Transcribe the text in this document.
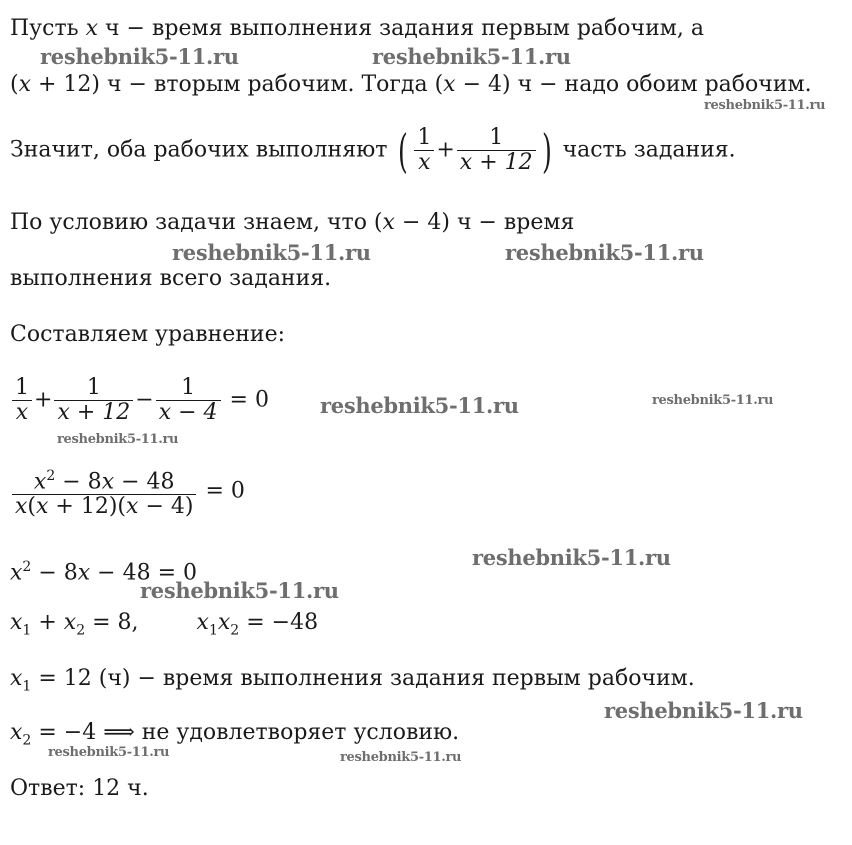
Пусть x ч − время выполнения задания первым рабочим, а
(x + 12) ч − вторым рабочим. Тогда (x − 4) ч − надо обоим рабочим.
Значит, оба рабочих выполняют ( $\frac{1}{x} + \frac{1}{x + 12}$ ) часть задания.
По условию задачи знаем, что (x − 4) ч − время
выполнения всего задания.
Составляем уравнение:
$\frac{1}{x} + \frac{1}{x + 12} - \frac{1}{x - 4} = 0$
$\frac{x^2 - 8x - 48}{x(x + 12)(x - 4)} = 0$
$x^2 - 8x - 48 = 0$
$x_1 + x_2 = 8$,	$x_1x_2 = -48$
$x_1 = 12$ (ч) − время выполнения задания первым рабочим.
$x_2 = -4$ ⟹ не удовлетворяет условию.
Ответ: 12 ч.
reshebnik5-11.ru	reshebnik5-11.ru
reshebnik5-11.ru
reshebnik5-11.ru	reshebnik5-11.ru
reshebnik5-11.ru	reshebnik5-11.ru
reshebnik5-11.ru
reshebnik5-11.ru
reshebnik5-11.ru
reshebnik5-11.ru
reshebnik5-11.ru	reshebnik5-11.ru
